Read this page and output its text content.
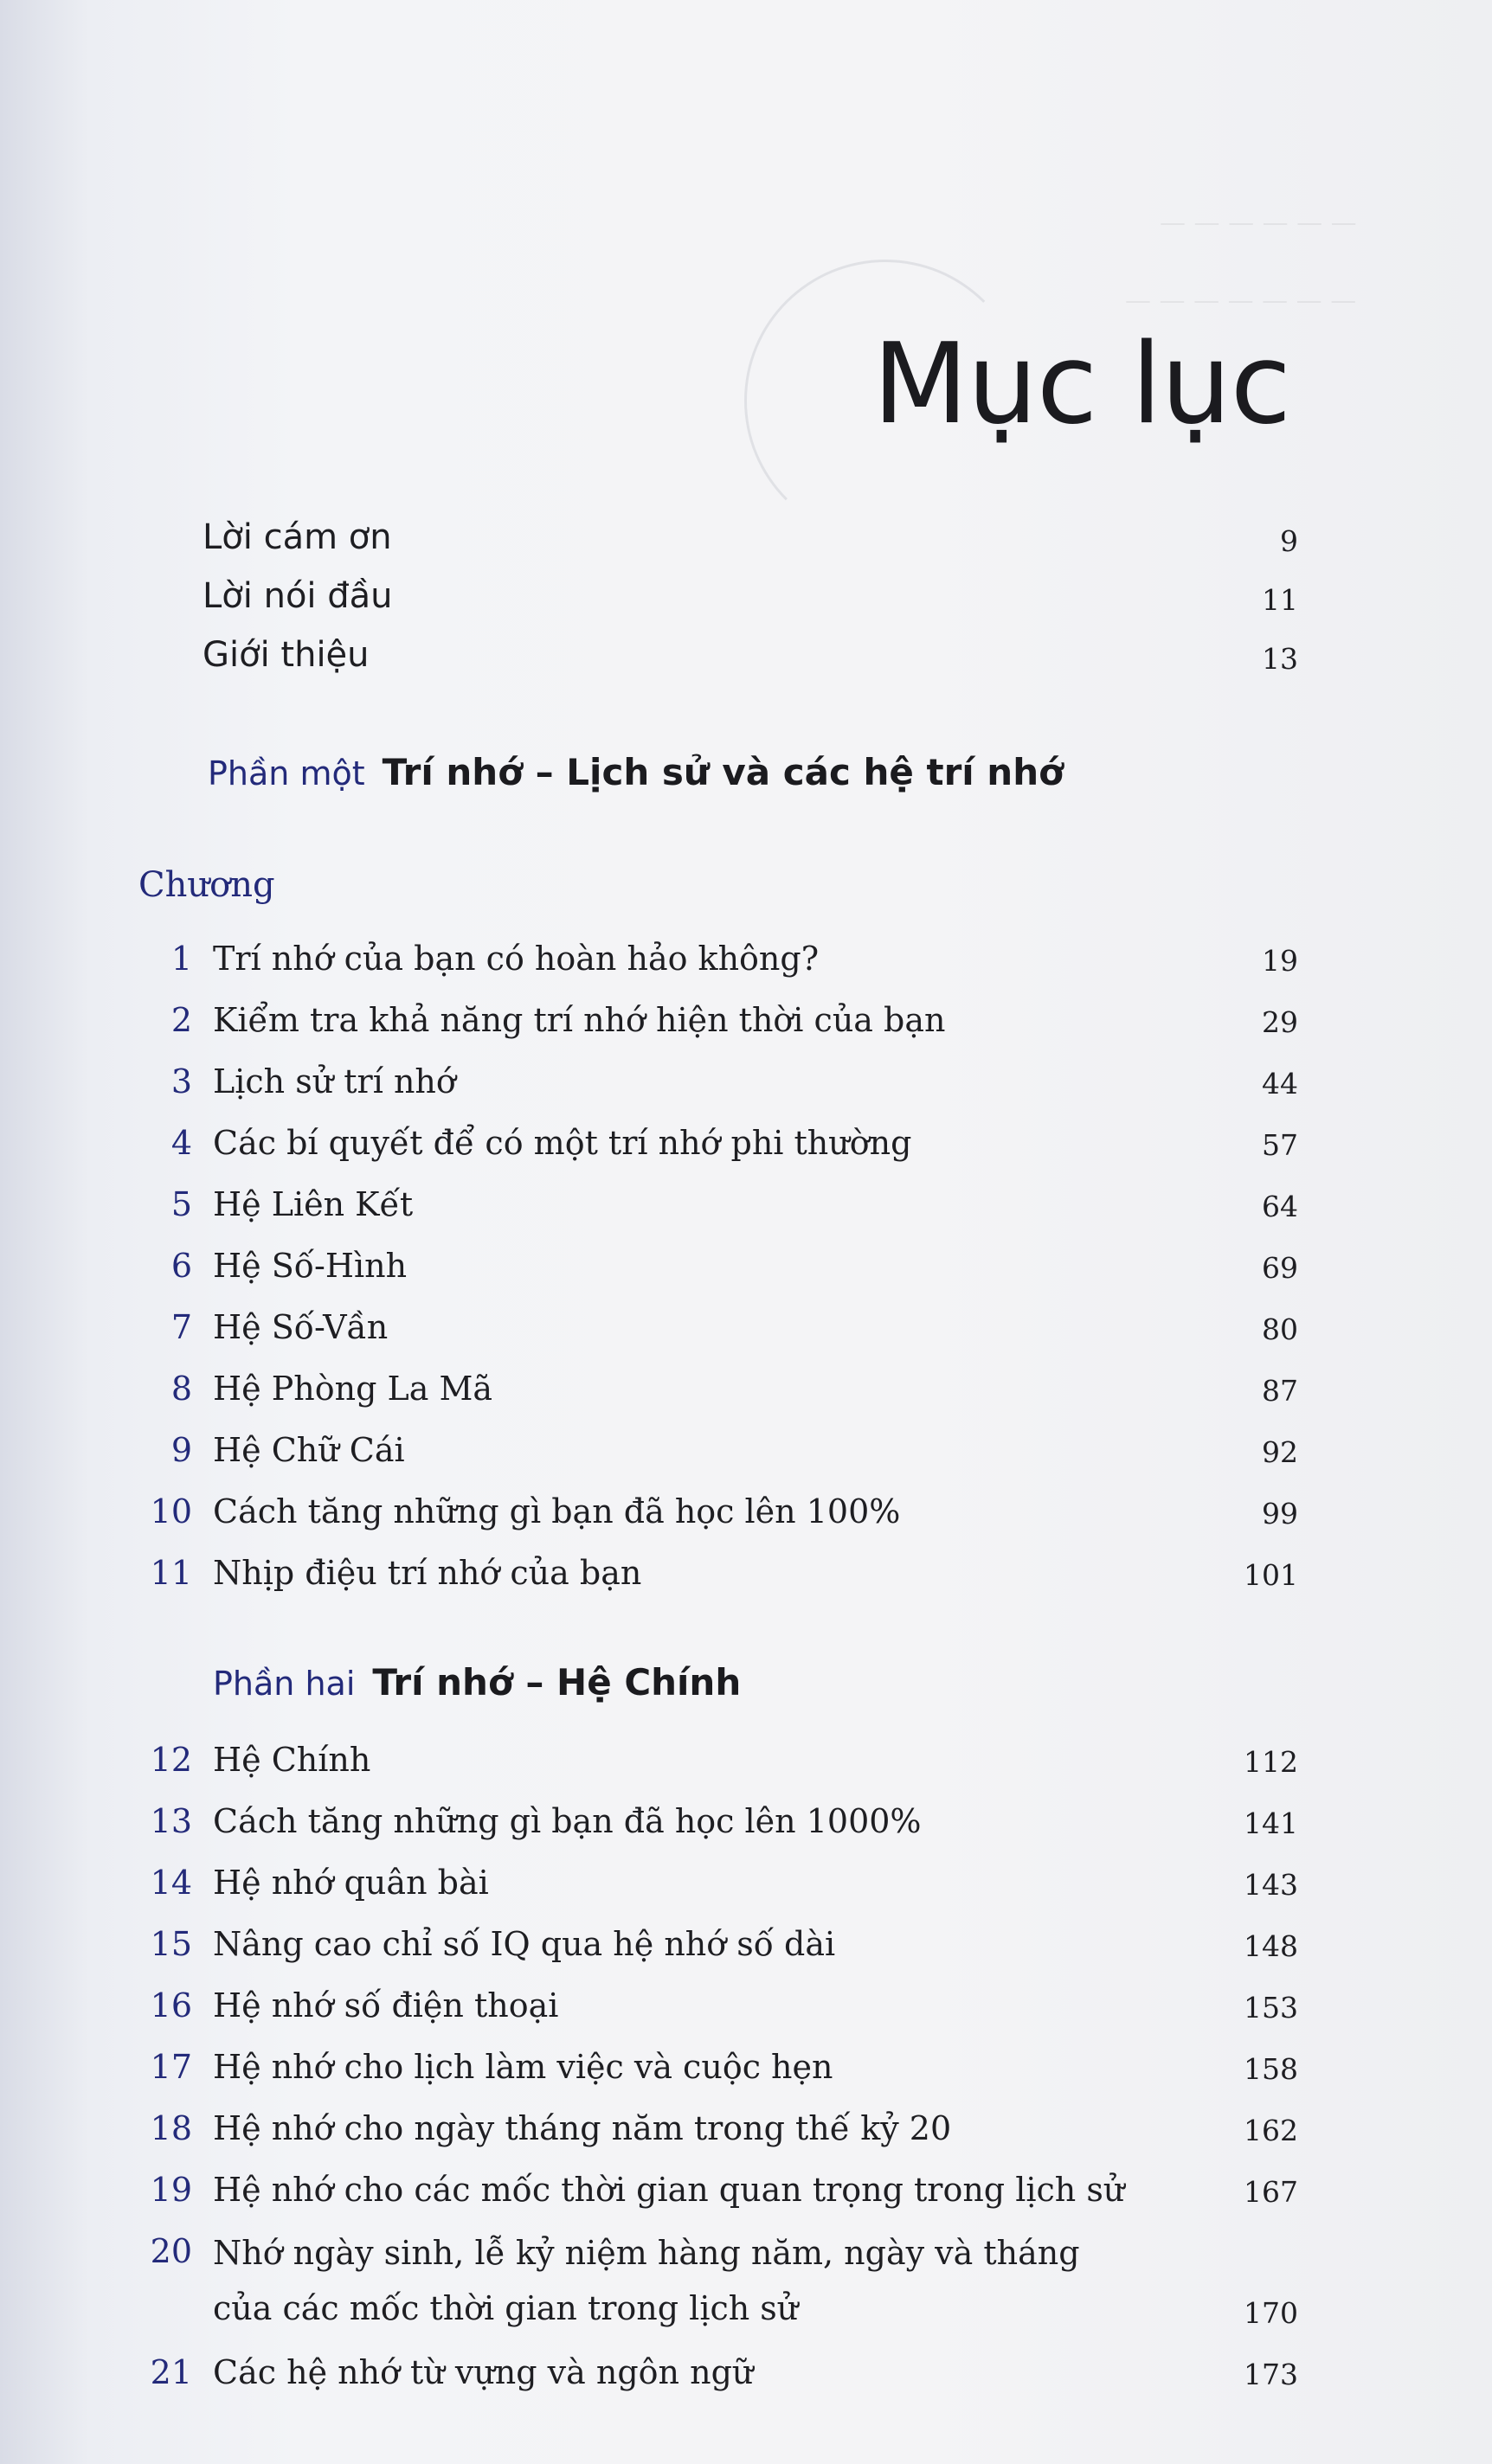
— — — — — —
— — — — — — —
Mục lục
Lời cám ơn	9
Lời nói đầu	11
Giới thiệu	13
Phần một Trí nhớ – Lịch sử và các hệ trí nhớ

Chương

1 Trí nhớ của bạn có hoàn hảo không?	19
2 Kiểm tra khả năng trí nhớ hiện thời của bạn	29
3 Lịch sử trí nhớ	44
4 Các bí quyết để có một trí nhớ phi thường	57
5 Hệ Liên Kết	64
6 Hệ Số-Hình	69
7 Hệ Số-Vần	80
8 Hệ Phòng La Mã	87
9 Hệ Chữ Cái	92
10 Cách tăng những gì bạn đã học lên 100%	99
11 Nhịp điệu trí nhớ của bạn	101
Phần hai Trí nhớ – Hệ Chính
12 Hệ Chính	112
13 Cách tăng những gì bạn đã học lên 1000%	141
14 Hệ nhớ quân bài	143
15 Nâng cao chỉ số IQ qua hệ nhớ số dài	148
16 Hệ nhớ số điện thoại	153
17 Hệ nhớ cho lịch làm việc và cuộc hẹn	158
18 Hệ nhớ cho ngày tháng năm trong thế kỷ 20	162
19 Hệ nhớ cho các mốc thời gian quan trọng trong lịch sử	167
20 Nhớ ngày sinh, lễ kỷ niệm hàng năm, ngày và tháng
của các mốc thời gian trong lịch sử	170
21 Các hệ nhớ từ vựng và ngôn ngữ	173
